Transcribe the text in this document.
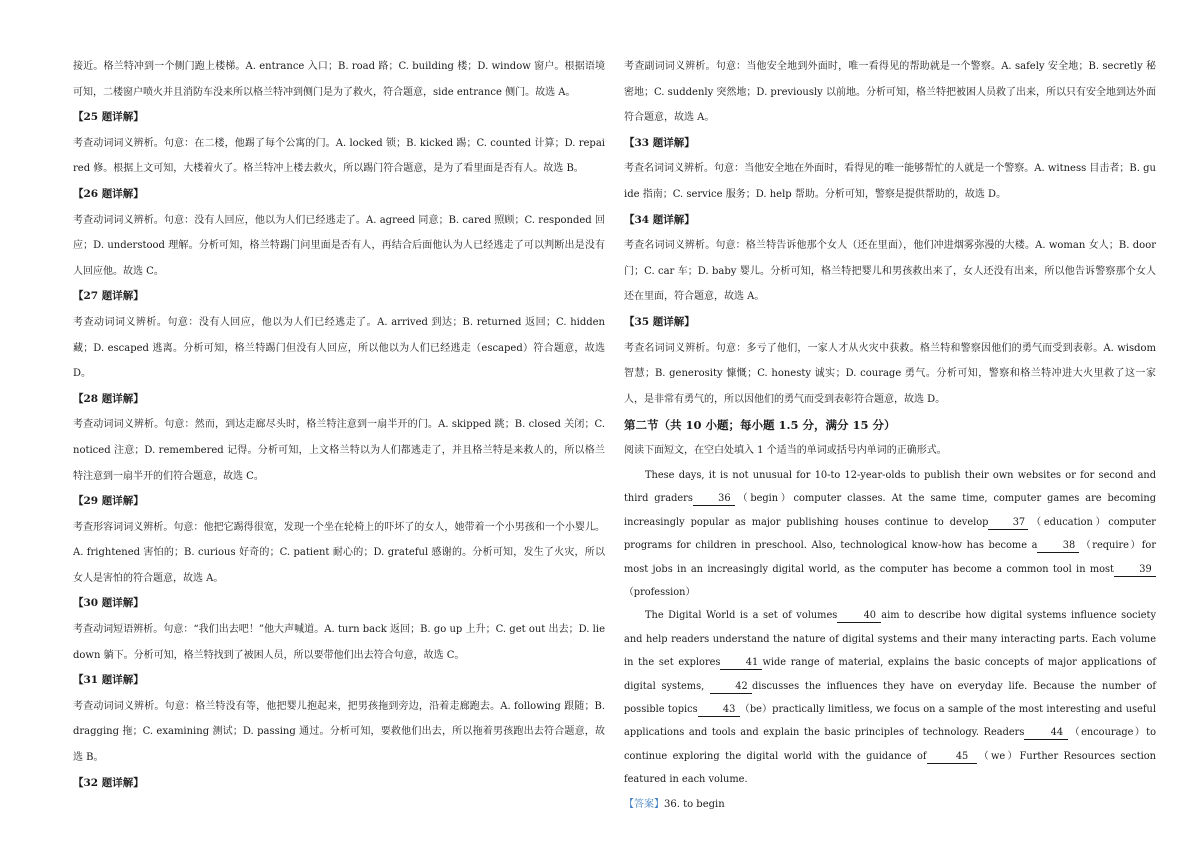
接近。格兰特冲到一个侧门跑上楼梯。A. entrance 入口；B. road 路；C. building 楼；D. window 窗户。根据语境可知，二楼窗户喷火并且消防车没来所以格兰特冲到侧门是为了救火，符合题意，side entrance 侧门。故选 A。

【25 题详解】

考查动词词义辨析。句意：在二楼，他踢了每个公寓的门。A. locked 锁；B. kicked 踢；C. counted 计算；D. repaired 修。根据上文可知，大楼着火了。格兰特冲上楼去救火，所以踢门符合题意，是为了看里面是否有人。故选 B。

【26 题详解】

考查动词词义辨析。句意：没有人回应，他以为人们已经逃走了。A. agreed 同意；B. cared 照顾；C. responded 回应；D. understood 理解。分析可知，格兰特踢门问里面是否有人，再结合后面他认为人已经逃走了可以判断出是没有人回应他。故选 C。

【27 题详解】

考查动词词义辨析。句意：没有人回应，他以为人们已经逃走了。A. arrived 到达；B. returned 返回；C. hidden 藏；D. escaped 逃离。分析可知，格兰特踢门但没有人回应，所以他以为人们已经逃走（escaped）符合题意，故选 D。

【28 题详解】

考查动词词义辨析。句意：然而，到达走廊尽头时，格兰特注意到一扇半开的门。A. skipped 跳；B. closed 关闭；C. noticed 注意；D. remembered 记得。分析可知，上文格兰特以为人们都逃走了，并且格兰特是来救人的，所以格兰特注意到一扇半开的们符合题意，故选 C。

【29 题详解】

考查形容词词义辨析。句意：他把它踢得很宽，发现一个坐在轮椅上的吓坏了的女人，她带着一个小男孩和一个小婴儿。A. frightened 害怕的；B. curious 好奇的；C. patient 耐心的；D. grateful 感谢的。分析可知，发生了火灾，所以女人是害怕的符合题意，故选 A。

【30 题详解】

考查动词短语辨析。句意：“我们出去吧！”他大声喊道。A. turn back 返回；B. go up 上升；C. get out 出去；D. lie down 躺下。分析可知，格兰特找到了被困人员，所以要带他们出去符合句意，故选 C。

【31 题详解】

考查动词词义辨析。句意：格兰特没有等，他把婴儿抱起来，把男孩拖到旁边，沿着走廊跑去。A. following 跟随；B. dragging 拖；C. examining 测试；D. passing 通过。分析可知，要救他们出去，所以拖着男孩跑出去符合题意，故选 B。

【32 题详解】

考查副词词义辨析。句意：当他安全地到外面时，唯一看得见的帮助就是一个警察。A. safely 安全地；B. secretly 秘密地；C. suddenly 突然地；D. previously 以前地。分析可知，格兰特把被困人员救了出来，所以只有安全地到达外面符合题意，故选 A。

【33 题详解】

考查名词词义辨析。句意：当他安全地在外面时，看得见的唯一能够帮忙的人就是一个警察。A. witness 目击者；B. guide 指南；C. service 服务；D. help 帮助。分析可知，警察是提供帮助的，故选 D。

【34 题详解】

考查名词词义辨析。句意：格兰特告诉他那个女人（还在里面），他们冲进烟雾弥漫的大楼。A. woman 女人；B. door 门；C. car 车；D. baby 婴儿。分析可知，格兰特把婴儿和男孩救出来了，女人还没有出来，所以他告诉警察那个女人还在里面，符合题意，故选 A。

【35 题详解】

考查名词词义辨析。句意：多亏了他们，一家人才从火灾中获救。格兰特和警察因他们的勇气而受到表彰。A. wisdom 智慧；B. generosity 慷慨；C. honesty 诚实；D. courage 勇气。分析可知，警察和格兰特冲进大火里救了这一家人，是非常有勇气的，所以因他们的勇气而受到表彰符合题意，故选 D。

第二节（共 10 小题；每小题 1.5 分，满分 15 分）

阅读下面短文，在空白处填入 1 个适当的单词或括号内单词的正确形式。

These days, it is not unusual for 10-to 12-year-olds to publish their own websites or for second and third graders	36 （begin）computer classes. At the same time, computer games are becoming increasingly popular as major publishing houses continue to develop 37 （education）computer programs for children in preschool. Also, technological know-how has become a	38 （require）for most jobs in an increasingly digital world, as the computer has become a common tool in most	39（profession）

The Digital World is a set of volumes	40 aim to describe how digital systems influence society and help readers understand the nature of digital systems and their many interacting parts. Each volume in the set explores	41 wide range of material, explains the basic concepts of major applications of digital systems,	42 discusses the influences they have on everyday life. Because the number of possible topics	43 （be）practically limitless, we focus on a sample of the most interesting and useful applications and tools and explain the basic principles of technology. Readers	44 （encourage）to continue exploring the digital world with the guidance of	45 （we）Further Resources section featured in each volume.

【答案】36. to begin
